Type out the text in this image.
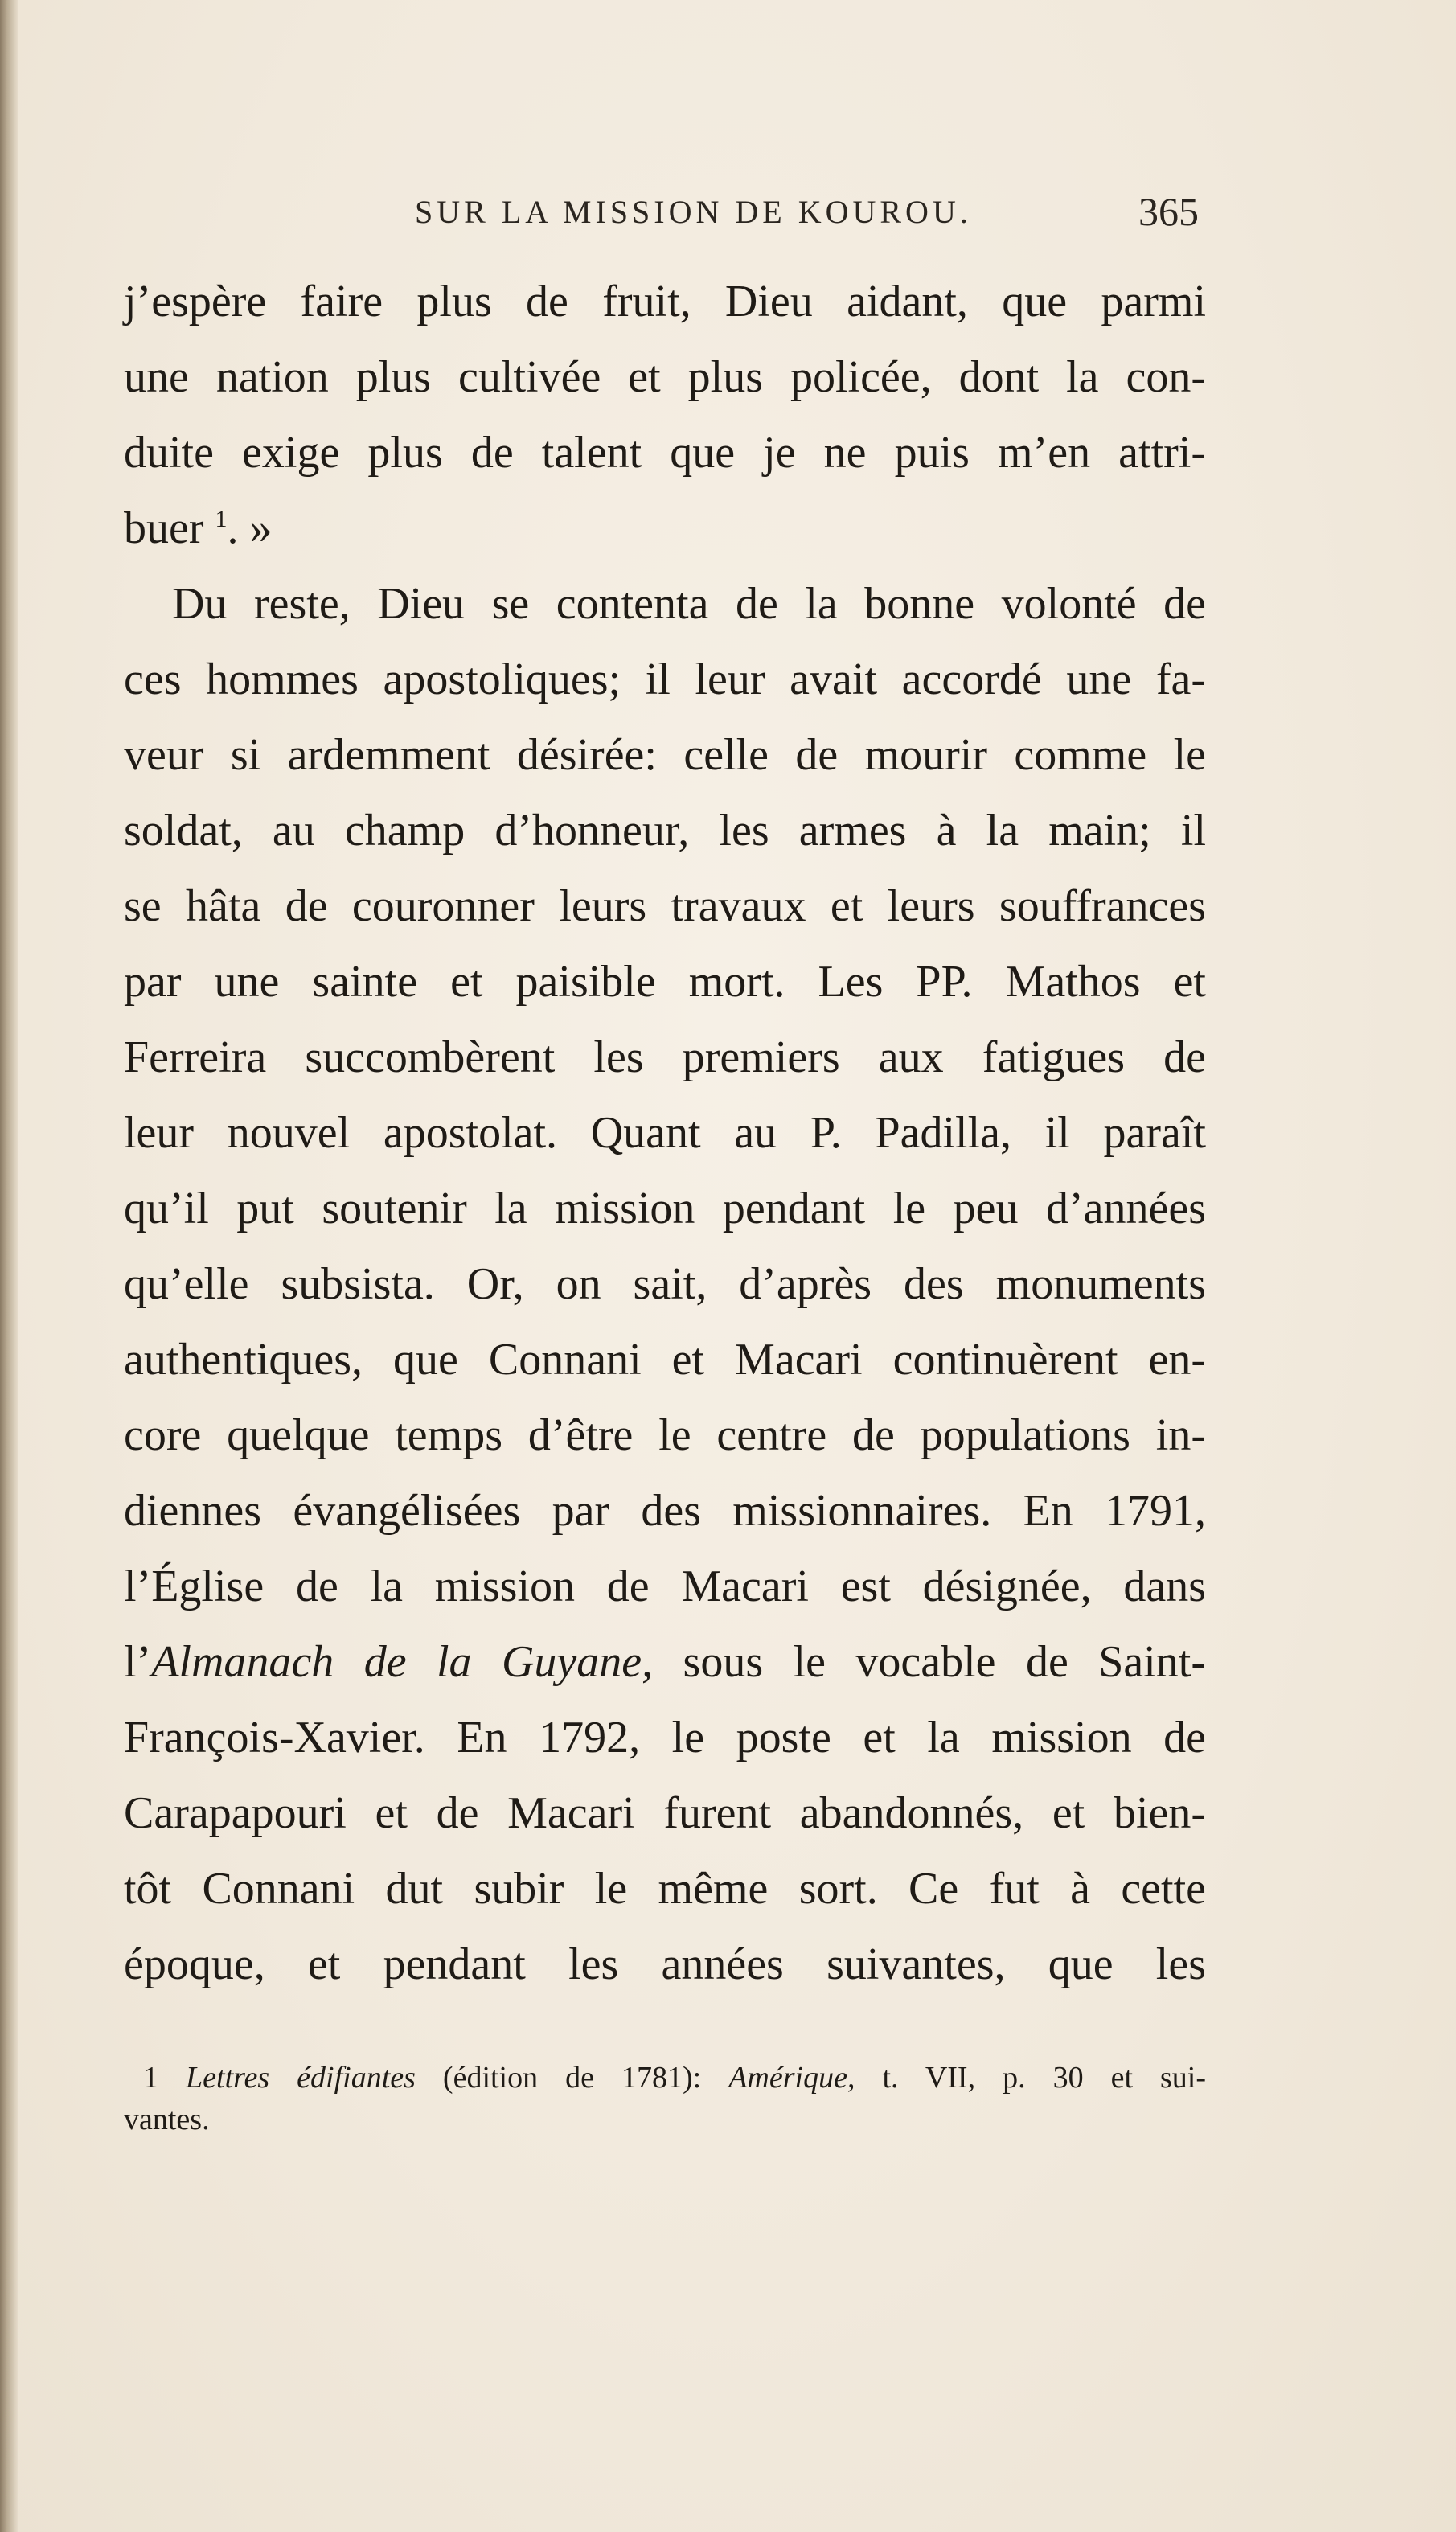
SUR LA MISSION DE KOUROU.	365
j’espère faire plus de fruit, Dieu aidant, que parmi
une nation plus cultivée et plus policée, dont la con-
duite exige plus de talent que je ne puis m’en attri-
buer $^1$. »
Du reste, Dieu se contenta de la bonne volonté de
ces hommes apostoliques; il leur avait accordé une fa-
veur si ardemment désirée: celle de mourir comme le
soldat, au champ d’honneur, les armes à la main; il
se hâta de couronner leurs travaux et leurs souffrances
par une sainte et paisible mort. Les PP. Mathos et
Ferreira succombèrent les premiers aux fatigues de
leur nouvel apostolat. Quant au P. Padilla, il paraît
qu’il put soutenir la mission pendant le peu d’années
qu’elle subsista. Or, on sait, d’après des monuments
authentiques, que Connani et Macari continuèrent en-
core quelque temps d’être le centre de populations in-
diennes évangélisées par des missionnaires. En 1791,
l’Église de la mission de Macari est désignée, dans
l’Almanach de la Guyane, sous le vocable de Saint-
François-Xavier. En 1792, le poste et la mission de
Carapapouri et de Macari furent abandonnés, et bien-
tôt Connani dut subir le même sort. Ce fut à cette
époque, et pendant les années suivantes, que les
1 Lettres édifiantes (édition de 1781): Amérique, t. VII, p. 30 et sui-
vantes.
